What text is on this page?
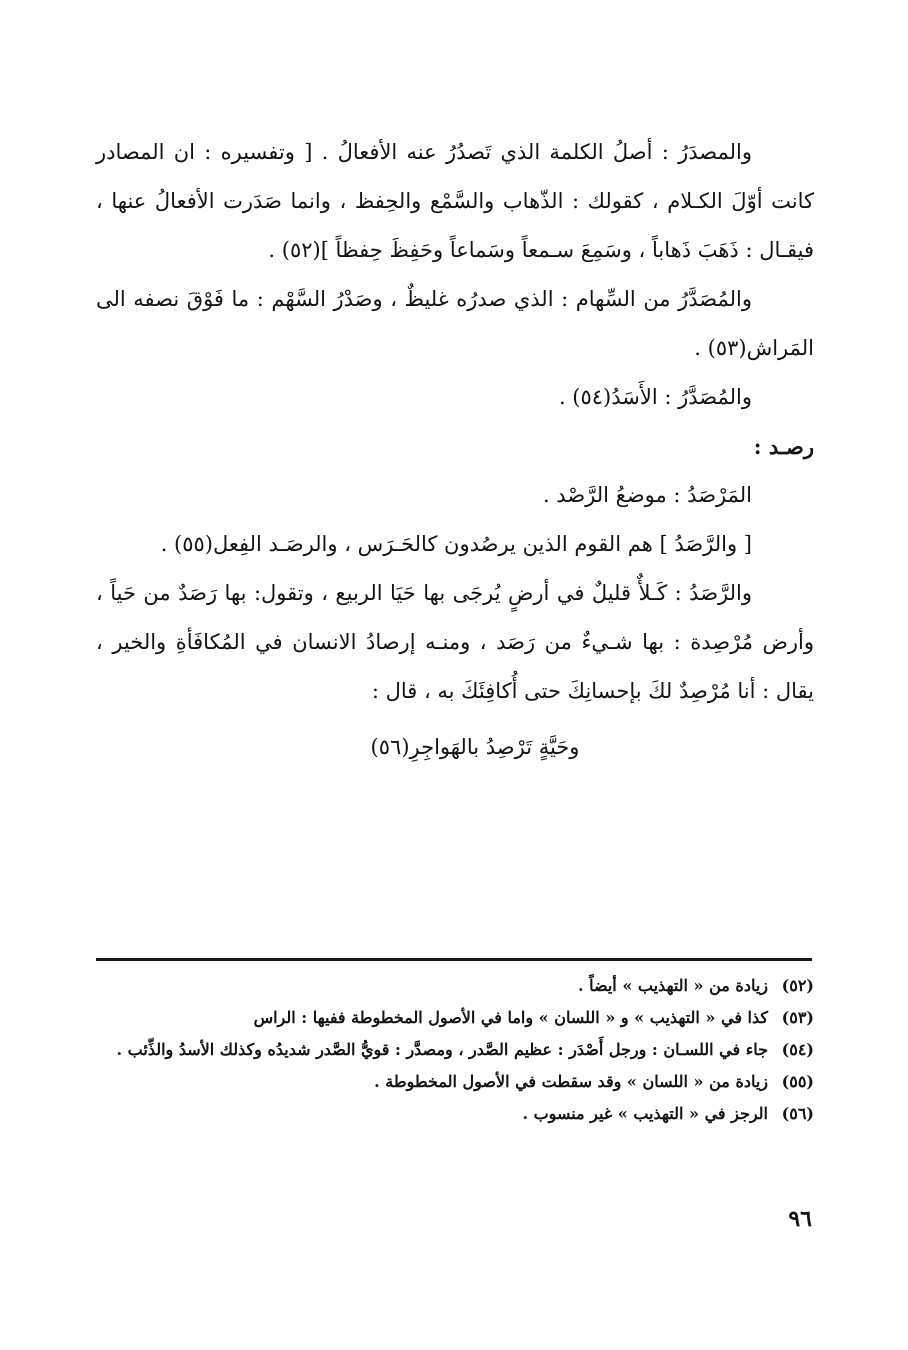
والمصدَرُ : أصلُ الكلمة الذي تَصدُرُ عنه الأفعالُ . [ وتفسيره : ان المصادر كانت أوّلَ الكـلام ، كقولك : الذّهاب والسَّمْع والحِفظ ، وانما صَدَرت الأفعالُ عنها ، فيقـال : ذَهَبَ ذَهاباً ، وسَمِعَ سـمعاً وسَماعاً وحَفِظَ حِفظاً ](٥٢) .

والمُصَدَّرُ من السِّهام : الذي صدرُه غليظٌ ، وصَدْرُ السَّهْم : ما فَوْقَ نصفه الى المَراش(٥٣) .

والمُصَدَّرُ : الأَسَدُ(٥٤) .

رصـد :

المَرْصَدُ : موضعُ الرَّصْد .

[ والرَّصَدُ ] هم القوم الذين يرصُدون كالحَـرَس ، والرصَـد الفِعل(٥٥) .

والرَّصَدُ : كَـلأٌ قليلٌ في أرضٍ يُرجَى بها حَيَا الربيع ، وتقول: بها رَصَدٌ من حَياً ، وأرض مُرْصِدة : بها شـيءٌ من رَصَد ، ومنـه إرصادُ الانسان في المُكافَأةِ والخير ، يقال : أنا مُرْصِدٌ لكَ بإحسانِكَ حتى أُكافِئَكَ به ، قال :

وحَيَّةٍ تَرْصِدُ بالهَواجِرِ(٥٦)

(٥٢)
زيادة من « التهذيب » أيضاً .
(٥٣)
كذا في « التهذيب » و « اللسان » واما في الأصول المخطوطة ففيها : الراس
(٥٤)
جاء في اللسـان : ورجل أَصْدَر : عظيم الصَّدر ، ومصدَّر : قويُّ الصَّدر شديدُه وكذلك الأسدُ والذِّئب .
(٥٥)
زيادة من « اللسان » وقد سقطت في الأصول المخطوطة .
(٥٦)
الرجز في « التهذيب » غير منسوب .
٩٦
